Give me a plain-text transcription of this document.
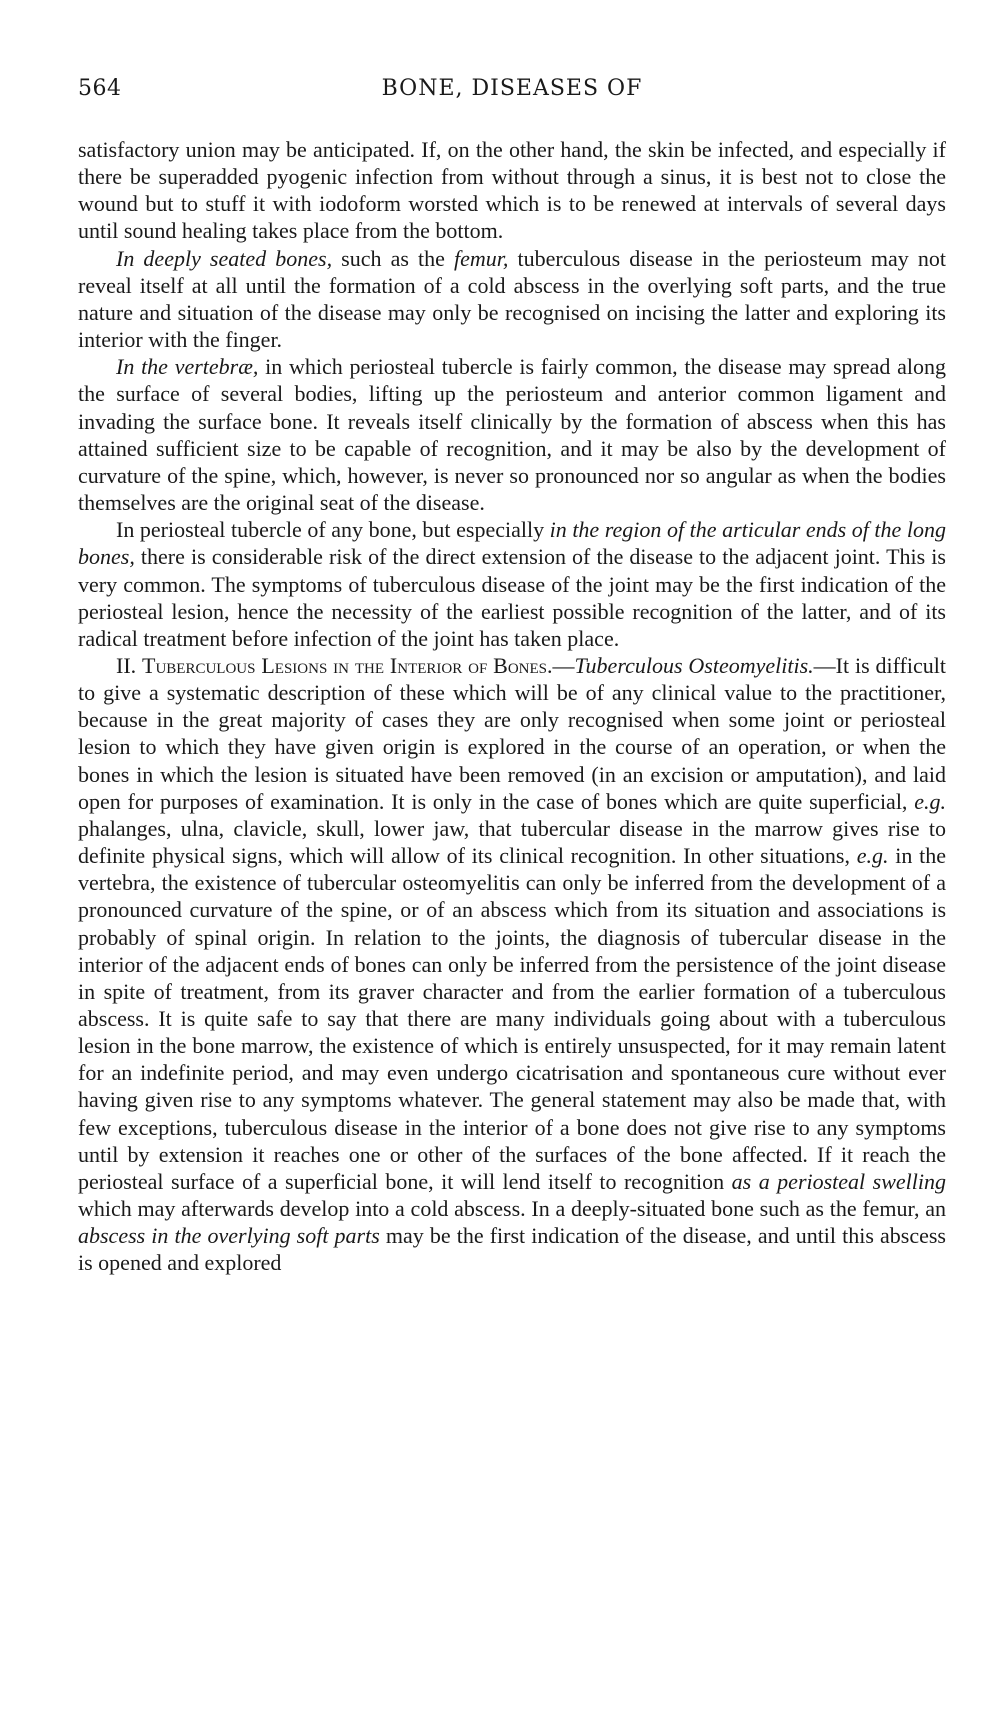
564	BONE, DISEASES OF

satisfactory union may be anticipated. If, on the other hand, the skin be infected, and especially if there be superadded pyogenic infection from without through a sinus, it is best not to close the wound but to stuff it with iodoform worsted which is to be renewed at intervals of several days until sound healing takes place from the bottom.

In deeply seated bones, such as the femur, tuberculous disease in the periosteum may not reveal itself at all until the formation of a cold abscess in the overlying soft parts, and the true nature and situation of the disease may only be recognised on incising the latter and exploring its interior with the finger.

In the vertebræ, in which periosteal tubercle is fairly common, the disease may spread along the surface of several bodies, lifting up the periosteum and anterior common ligament and invading the surface bone. It reveals itself clinically by the formation of abscess when this has attained sufficient size to be capable of recognition, and it may be also by the development of curvature of the spine, which, however, is never so pronounced nor so angular as when the bodies themselves are the original seat of the disease.

In periosteal tubercle of any bone, but especially in the region of the articular ends of the long bones, there is considerable risk of the direct extension of the disease to the adjacent joint. This is very common. The symptoms of tuberculous disease of the joint may be the first indication of the periosteal lesion, hence the necessity of the earliest possible recognition of the latter, and of its radical treatment before infection of the joint has taken place.

II. Tuberculous Lesions in the Interior of Bones.—Tuberculous Osteomyelitis.—It is difficult to give a systematic description of these which will be of any clinical value to the practitioner, because in the great majority of cases they are only recognised when some joint or periosteal lesion to which they have given origin is explored in the course of an operation, or when the bones in which the lesion is situated have been removed (in an excision or amputation), and laid open for purposes of examination. It is only in the case of bones which are quite superficial, e.g. phalanges, ulna, clavicle, skull, lower jaw, that tubercular disease in the marrow gives rise to definite physical signs, which will allow of its clinical recognition. In other situations, e.g. in the vertebra, the existence of tubercular osteomyelitis can only be inferred from the development of a pronounced curvature of the spine, or of an abscess which from its situation and associations is probably of spinal origin. In relation to the joints, the diagnosis of tubercular disease in the interior of the adjacent ends of bones can only be inferred from the persistence of the joint disease in spite of treatment, from its graver character and from the earlier formation of a tuberculous abscess. It is quite safe to say that there are many individuals going about with a tuberculous lesion in the bone marrow, the existence of which is entirely unsuspected, for it may remain latent for an indefinite period, and may even undergo cicatrisation and spontaneous cure without ever having given rise to any symptoms whatever. The general statement may also be made that, with few exceptions, tuberculous disease in the interior of a bone does not give rise to any symptoms until by extension it reaches one or other of the surfaces of the bone affected. If it reach the periosteal surface of a superficial bone, it will lend itself to recognition as a periosteal swelling which may afterwards develop into a cold abscess. In a deeply-situated bone such as the femur, an abscess in the overlying soft parts may be the first indication of the disease, and until this abscess is opened and explored
